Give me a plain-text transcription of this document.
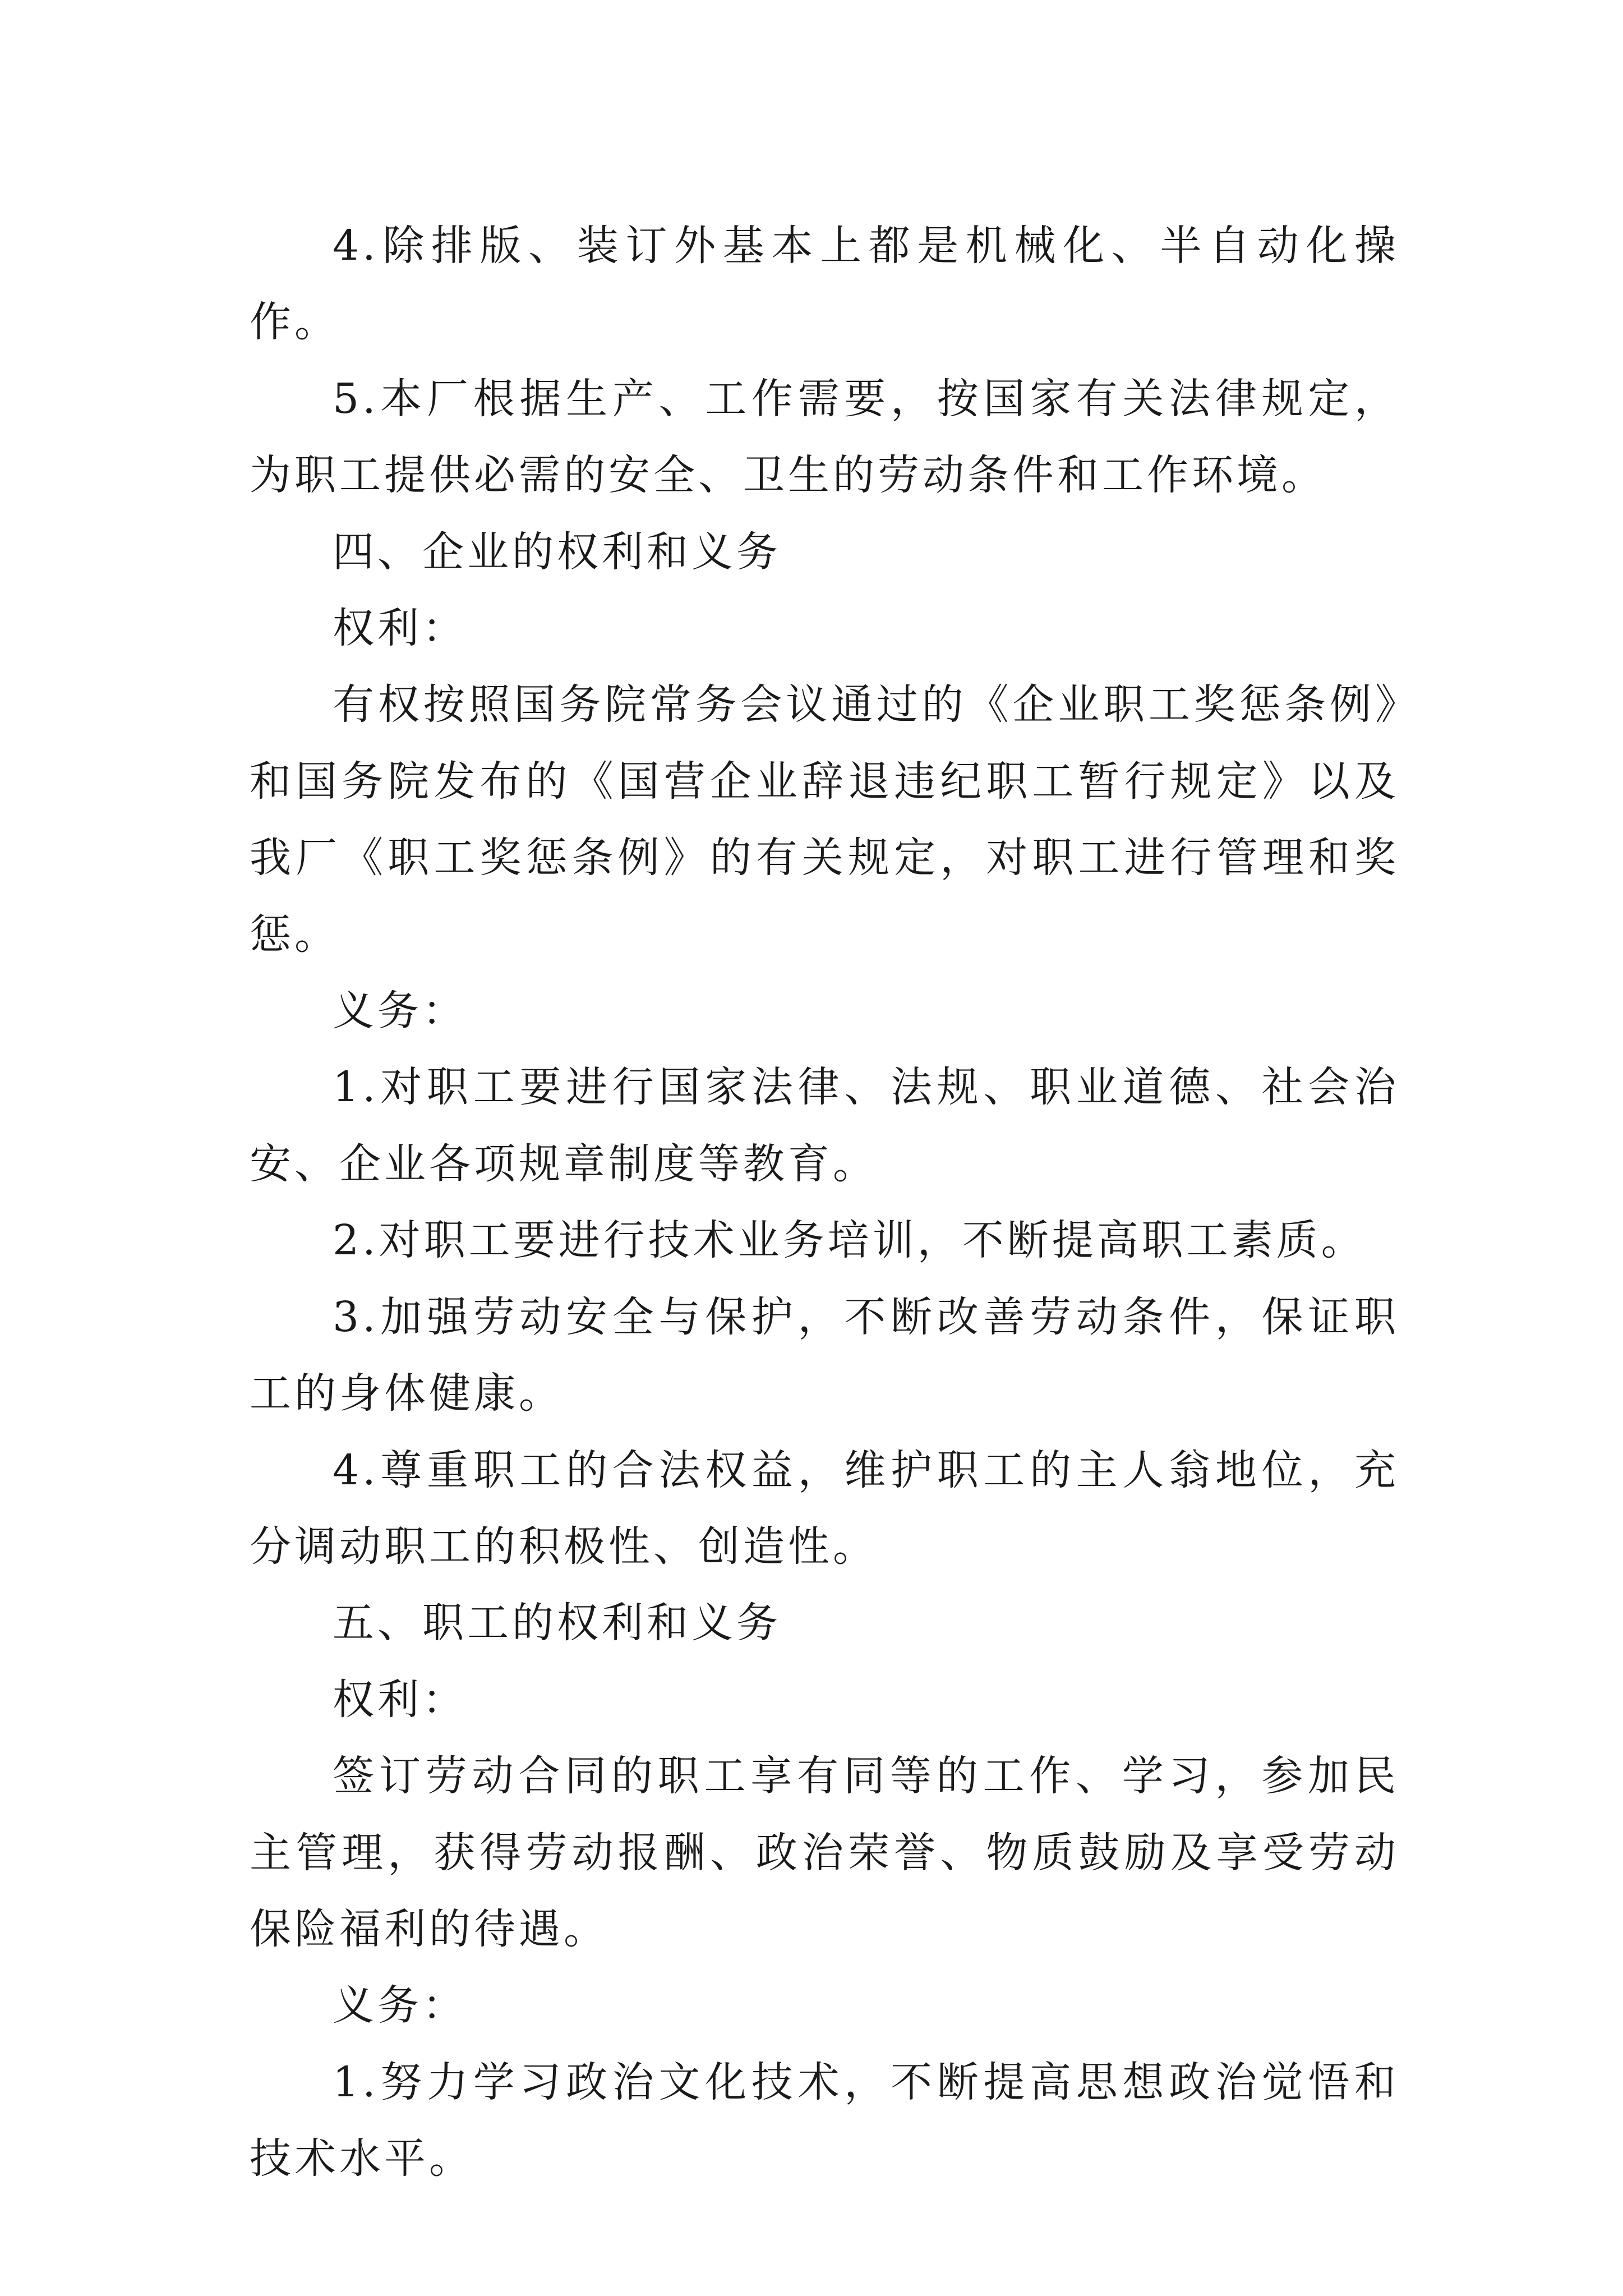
4.除排版、装订外基本上都是机械化、半自动化操作。

5.本厂根据生产、工作需要，按国家有关法律规定，为职工提供必需的安全、卫生的劳动条件和工作环境。

四、企业的权利和义务

权利：

有权按照国务院常务会议通过的《企业职工奖惩条例》和国务院发布的《国营企业辞退违纪职工暂行规定》以及我厂《职工奖惩条例》的有关规定，对职工进行管理和奖惩。

义务：

1.对职工要进行国家法律、法规、职业道德、社会治安、企业各项规章制度等教育。

2.对职工要进行技术业务培训，不断提高职工素质。

3.加强劳动安全与保护，不断改善劳动条件，保证职工的身体健康。

4.尊重职工的合法权益，维护职工的主人翁地位，充分调动职工的积极性、创造性。

五、职工的权利和义务

权利：

签订劳动合同的职工享有同等的工作、学习，参加民主管理，获得劳动报酬、政治荣誉、物质鼓励及享受劳动保险福利的待遇。

义务：

1.努力学习政治文化技术，不断提高思想政治觉悟和技术水平。
